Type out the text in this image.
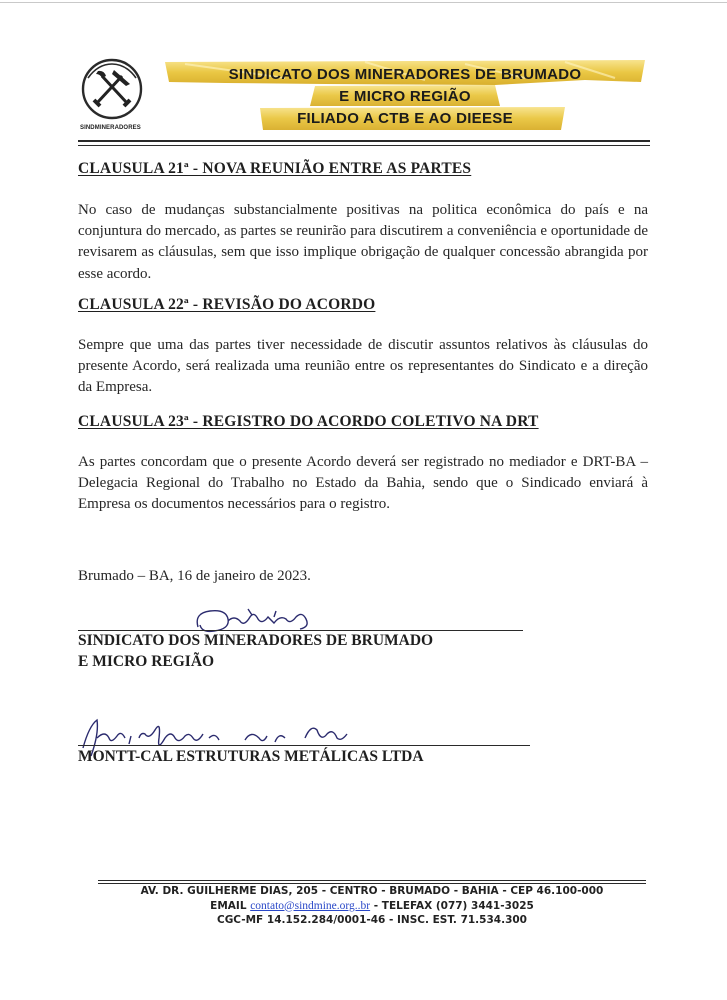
SINDMINERADORES
SINDICATO DOS MINERADORES DE BRUMADO
E MICRO REGIÃO
FILIADO A CTB E AO DIEESE
CLAUSULA 21ª - NOVA REUNIÃO ENTRE AS PARTES
No caso de mudanças substancialmente positivas na politica econômica do país e na conjuntura do mercado, as partes se reunirão para discutirem a conveniência e oportunidade de revisarem as cláusulas, sem que isso implique obrigação de qualquer concessão abrangida por esse acordo.
CLAUSULA 22ª - REVISÃO DO ACORDO
Sempre que uma das partes tiver necessidade de discutir assuntos relativos às cláusulas do presente Acordo, será realizada uma reunião entre os representantes do Sindicato e a direção da Empresa.
CLAUSULA 23ª - REGISTRO DO ACORDO COLETIVO NA DRT
As partes concordam que o presente Acordo deverá ser registrado no mediador e DRT-BA – Delegacia Regional do Trabalho no Estado da Bahia, sendo que o Sindicado enviará à Empresa os documentos necessários para o registro.
Brumado – BA, 16 de janeiro de 2023.
SINDICATO DOS MINERADORES DE BRUMADO
E MICRO REGIÃO
MONTT-CAL ESTRUTURAS METÁLICAS LTDA
AV. DR. GUILHERME DIAS, 205 - CENTRO - BRUMADO - BAHIA - CEP 46.100-000
EMAIL contato@sindmine.org..br - TELEFAX (077) 3441-3025
CGC-MF 14.152.284/0001-46 - INSC. EST. 71.534.300
